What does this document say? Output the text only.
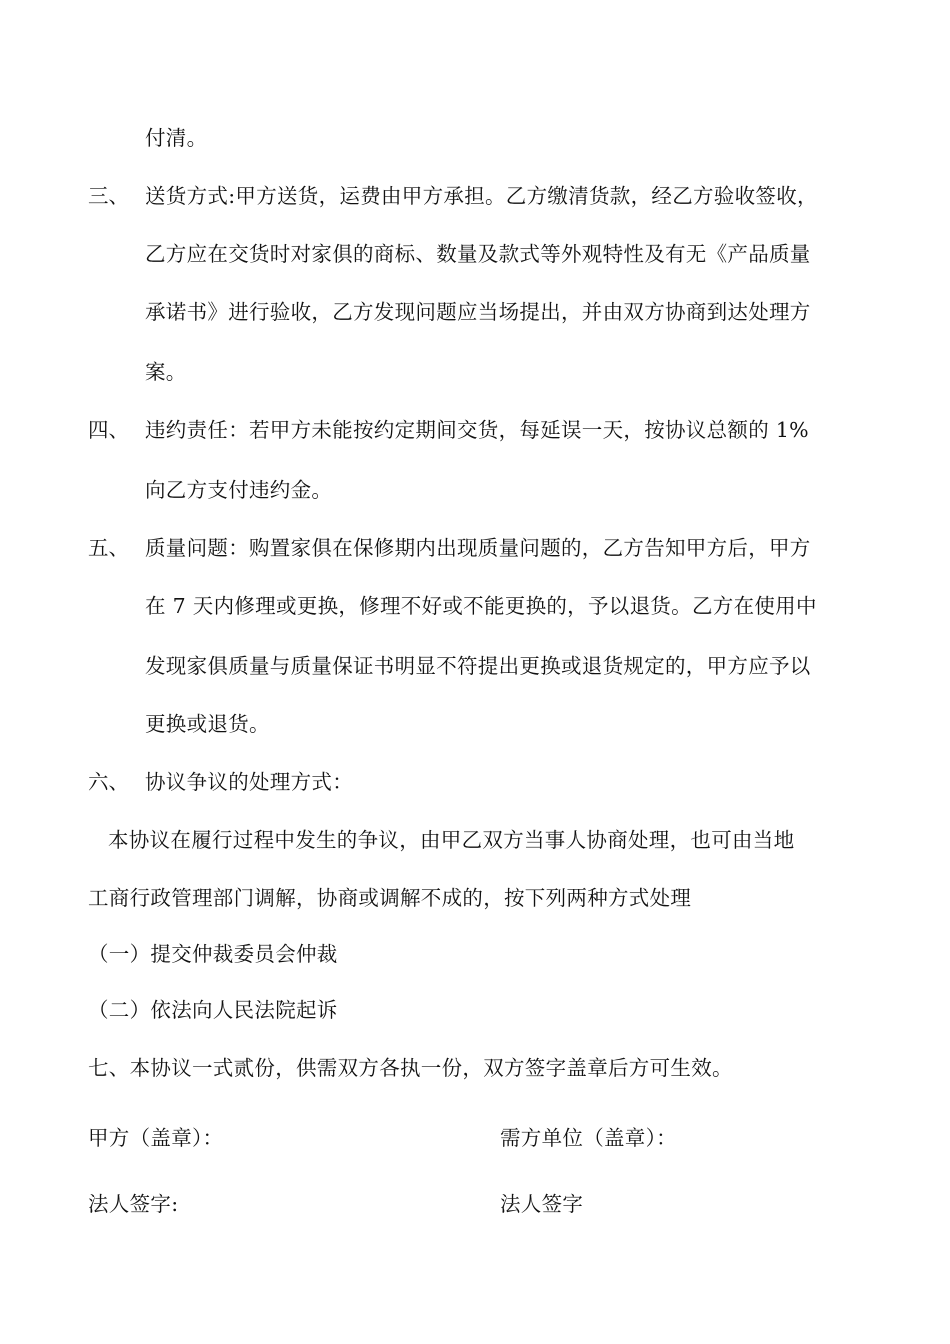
付清。
三、 送货方式:甲方送货，运费由甲方承担。乙方缴清货款，经乙方验收签收，
乙方应在交货时对家俱的商标、数量及款式等外观特性及有无《产品质量
承诺书》进行验收，乙方发现问题应当场提出，并由双方协商到达处理方
案。
四、 违约责任：若甲方未能按约定期间交货，每延误一天，按协议总额的 1%
向乙方支付违约金。
五、 质量问题：购置家俱在保修期内出现质量问题的，乙方告知甲方后，甲方
在 7 天内修理或更换，修理不好或不能更换的，予以退货。乙方在使用中
发现家俱质量与质量保证书明显不符提出更换或退货规定的，甲方应予以
更换或退货。
六、 协议争议的处理方式：
本协议在履行过程中发生的争议，由甲乙双方当事人协商处理，也可由当地
工商行政管理部门调解，协商或调解不成的，按下列两种方式处理
（一）提交仲裁委员会仲裁
（二）依法向人民法院起诉
七、本协议一式贰份，供需双方各执一份，双方签字盖章后方可生效。
甲方（盖章）：	需方单位（盖章）：
法人签字:	法人签字
